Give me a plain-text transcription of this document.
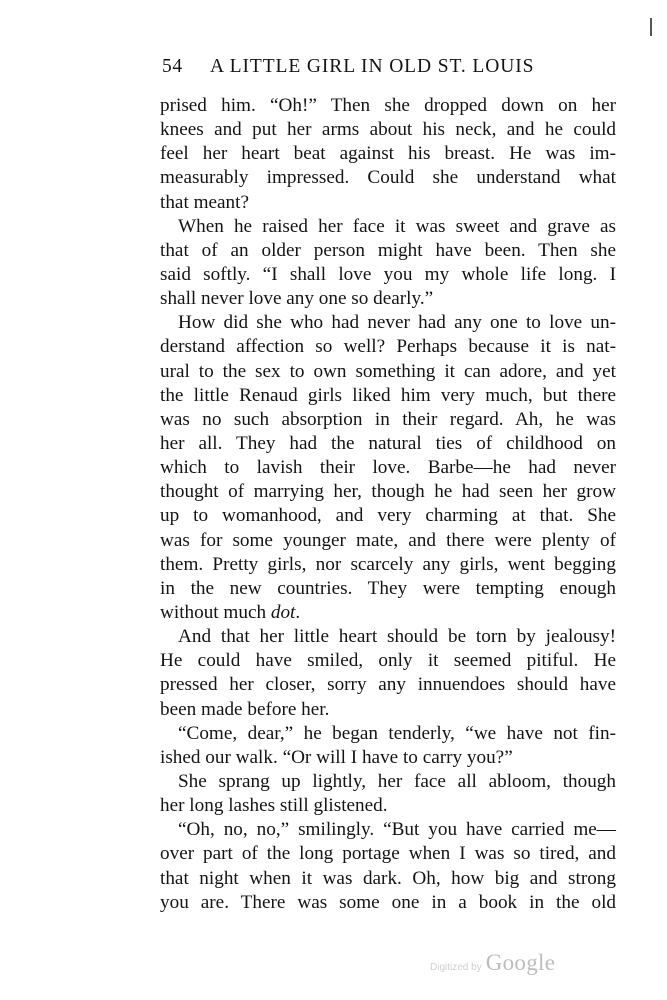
54	A LITTLE GIRL IN OLD ST. LOUIS
prised him. “Oh!” Then she dropped down on her
knees and put her arms about his neck, and he could
feel her heart beat against his breast. He was im-
measurably impressed. Could she understand what
that meant?
When he raised her face it was sweet and grave as
that of an older person might have been. Then she
said softly. “I shall love you my whole life long. I
shall never love any one so dearly.”
How did she who had never had any one to love un-
derstand affection so well? Perhaps because it is nat-
ural to the sex to own something it can adore, and yet
the little Renaud girls liked him very much, but there
was no such absorption in their regard. Ah, he was
her all. They had the natural ties of childhood on
which to lavish their love. Barbe—he had never
thought of marrying her, though he had seen her grow
up to womanhood, and very charming at that. She
was for some younger mate, and there were plenty of
them. Pretty girls, nor scarcely any girls, went begging
in the new countries. They were tempting enough
without much dot.
And that her little heart should be torn by jealousy!
He could have smiled, only it seemed pitiful. He
pressed her closer, sorry any innuendoes should have
been made before her.
“Come, dear,” he began tenderly, “we have not fin-
ished our walk. “Or will I have to carry you?”
She sprang up lightly, her face all abloom, though
her long lashes still glistened.
“Oh, no, no,” smilingly. “But you have carried me—
over part of the long portage when I was so tired, and
that night when it was dark. Oh, how big and strong
you are. There was some one in a book in the old
Digitized by Google
